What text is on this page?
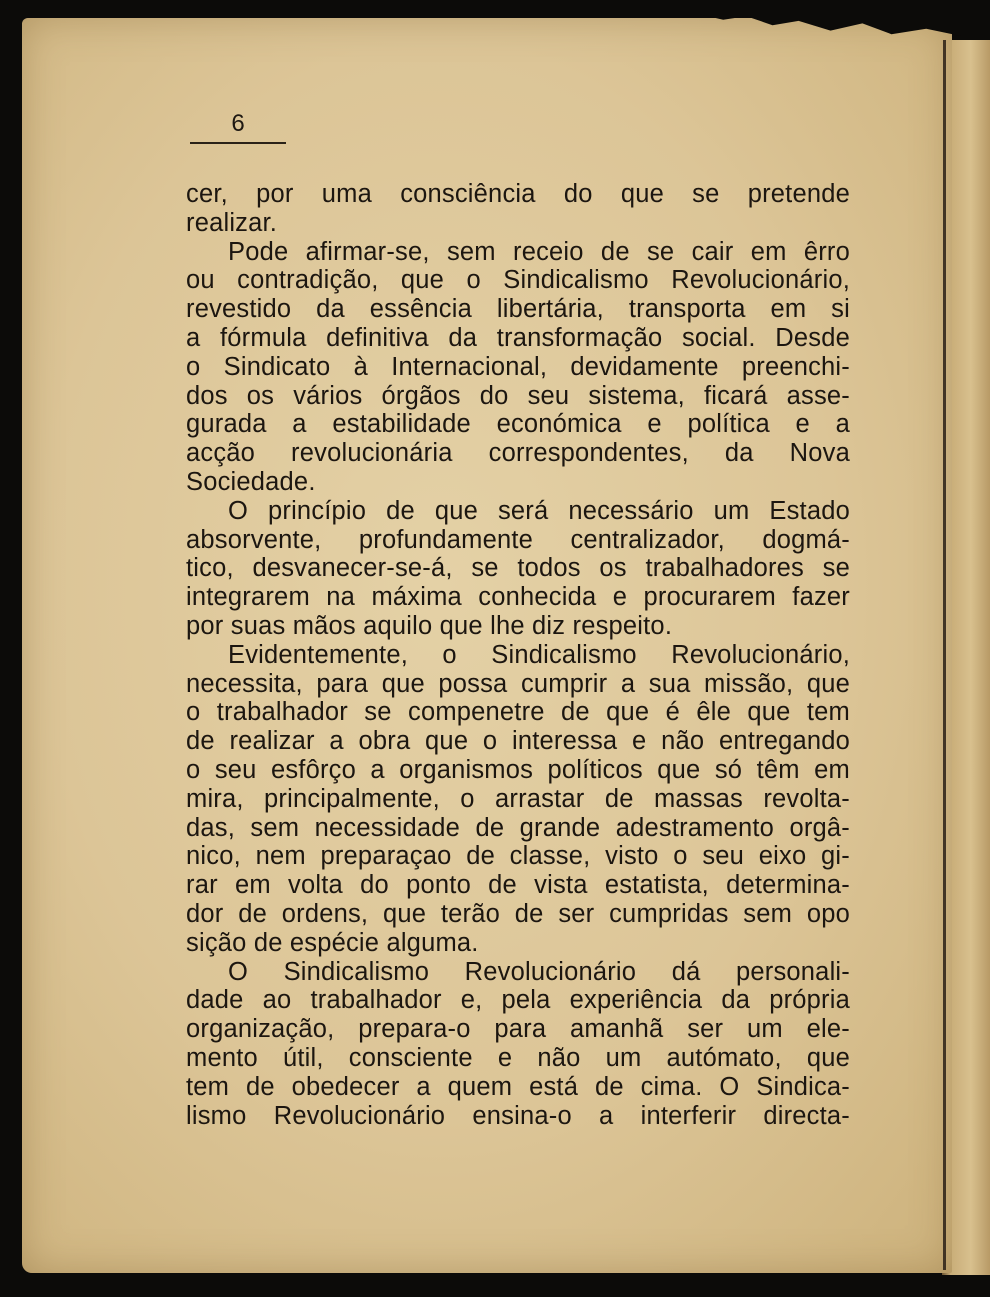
6
cer, por uma consciência do que se pretende
realizar.
Pode afirmar-se, sem receio de se cair em êrro
ou contradição, que o Sindicalismo Revolucionário,
revestido da essência libertária, transporta em si
a fórmula definitiva da transformação social. Desde
o Sindicato à Internacional, devidamente preenchi-
dos os vários órgãos do seu sistema, ficará asse-
gurada a estabilidade económica e política e a
acção revolucionária correspondentes, da Nova
Sociedade.
O princípio de que será necessário um Estado
absorvente, profundamente centralizador, dogmá-
tico, desvanecer-se-á, se todos os trabalhadores se
integrarem na máxima conhecida e procurarem fazer
por suas mãos aquilo que lhe diz respeito.
Evidentemente, o Sindicalismo Revolucionário,
necessita, para que possa cumprir a sua missão, que
o trabalhador se compenetre de que é êle que tem
de realizar a obra que o interessa e não entregando
o seu esfôrço a organismos políticos que só têm em
mira, principalmente, o arrastar de massas revolta-
das, sem necessidade de grande adestramento orgâ-
nico, nem preparaçao de classe, visto o seu eixo gi-
rar em volta do ponto de vista estatista, determina-
dor de ordens, que terão de ser cumpridas sem opo
sição de espécie alguma.
O Sindicalismo Revolucionário dá personali-
dade ao trabalhador e, pela experiência da própria
organização, prepara-o para amanhã ser um ele-
mento útil, consciente e não um autómato, que
tem de obedecer a quem está de cima. O Sindica-
lismo Revolucionário ensina-o a interferir directa-
